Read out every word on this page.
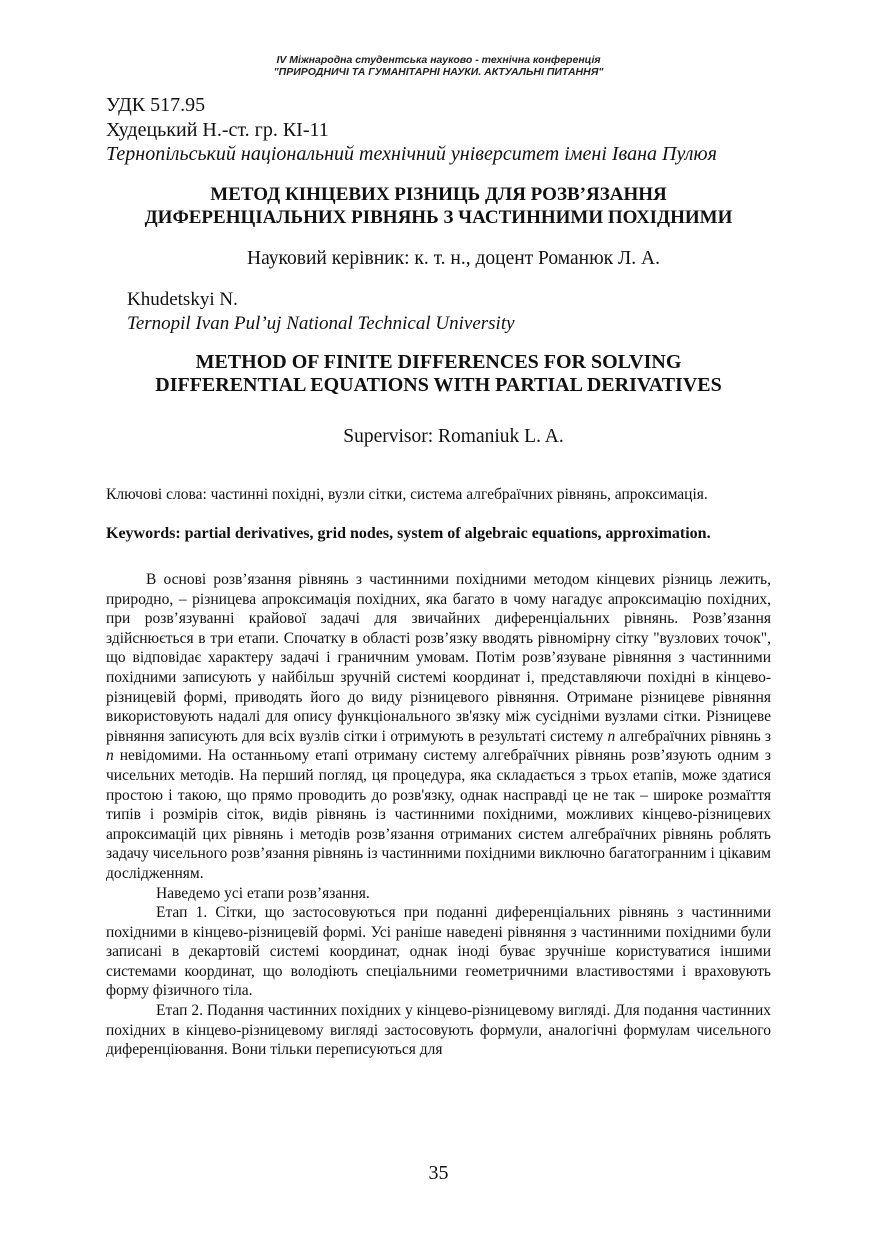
IV Міжнародна студентська науково - технічна конференція
"ПРИРОДНИЧІ ТА ГУМАНІТАРНІ НАУКИ. АКТУАЛЬНІ ПИТАННЯ"
УДК 517.95
Худецький Н.-ст. гр. КІ-11
Тернопільський національний технічний університет імені Івана Пулюя
МЕТОД КІНЦЕВИХ РІЗНИЦЬ ДЛЯ РОЗВ’ЯЗАННЯ
ДИФЕРЕНЦІАЛЬНИХ РІВНЯНЬ З ЧАСТИННИМИ ПОХІДНИМИ
Науковий керівник: к. т. н., доцент Романюк Л. А.
Khudetskyi N.
Ternopil Ivan Pul’uj National Technical University
METHOD OF FINITE DIFFERENCES FOR SOLVING
DIFFERENTIAL EQUATIONS WITH PARTIAL DERIVATIVES
Supervisor: Romaniuk L. A.
Ключові слова: частинні похідні, вузли сітки, система алгебраїчних рівнянь, апроксимація.
Keywords: partial derivatives, grid nodes, system of algebraic equations, approximation.

В основі розв’язання рівнянь з частинними похідними методом кінцевих різниць лежить, природно, – різницева апроксимація похідних, яка багато в чому нагадує апроксимацію похідних, при розв’язуванні крайової задачі для звичайних диференціальних рівнянь. Розв’язання здійснюється в три етапи. Спочатку в області розв’язку вводять рівномірну сітку "вузлових точок", що відповідає характеру задачі і граничним умовам. Потім розв’язуване рівняння з частинними похідними записують у найбільш зручній системі координат і, представляючи похідні в кінцево-різницевій формі, приводять його до виду різницевого рівняння. Отримане різницеве рівняння використовують надалі для опису функціонального зв'язку між сусідніми вузлами сітки. Різницеве рівняння записують для всіх вузлів сітки і отримують в результаті систему n алгебраїчних рівнянь з n невідомими. На останньому етапі отриману систему алгебраїчних рівнянь розв’язують одним з чисельних методів. На перший погляд, ця процедура, яка складається з трьох етапів, може здатися простою і такою, що прямо проводить до розв'язку, однак насправді це не так – широке розмаїття типів і розмірів сіток, видів рівнянь із частинними похідними, можливих кінцево-різницевих апроксимацій цих рівнянь і методів розв’язання отриманих систем алгебраїчних рівнянь роблять задачу чисельного розв’язання рівнянь із частинними похідними виключно багатогранним і цікавим дослідженням.

Наведемо усі етапи розв’язання.

Етап 1. Сітки, що застосовуються при поданні диференціальних рівнянь з частинними похідними в кінцево-різницевій формі. Усі раніше наведені рівняння з частинними похідними були записані в декартовій системі координат, однак іноді буває зручніше користуватися іншими системами координат, що володіють спеціальними геометричними властивостями і враховують форму фізичного тіла.

Етап 2. Подання частинних похідних у кінцево-різницевому вигляді. Для подання частинних похідних в кінцево-різницевому вигляді застосовують формули, аналогічні формулам чисельного диференціювання. Вони тільки переписуються для

35
